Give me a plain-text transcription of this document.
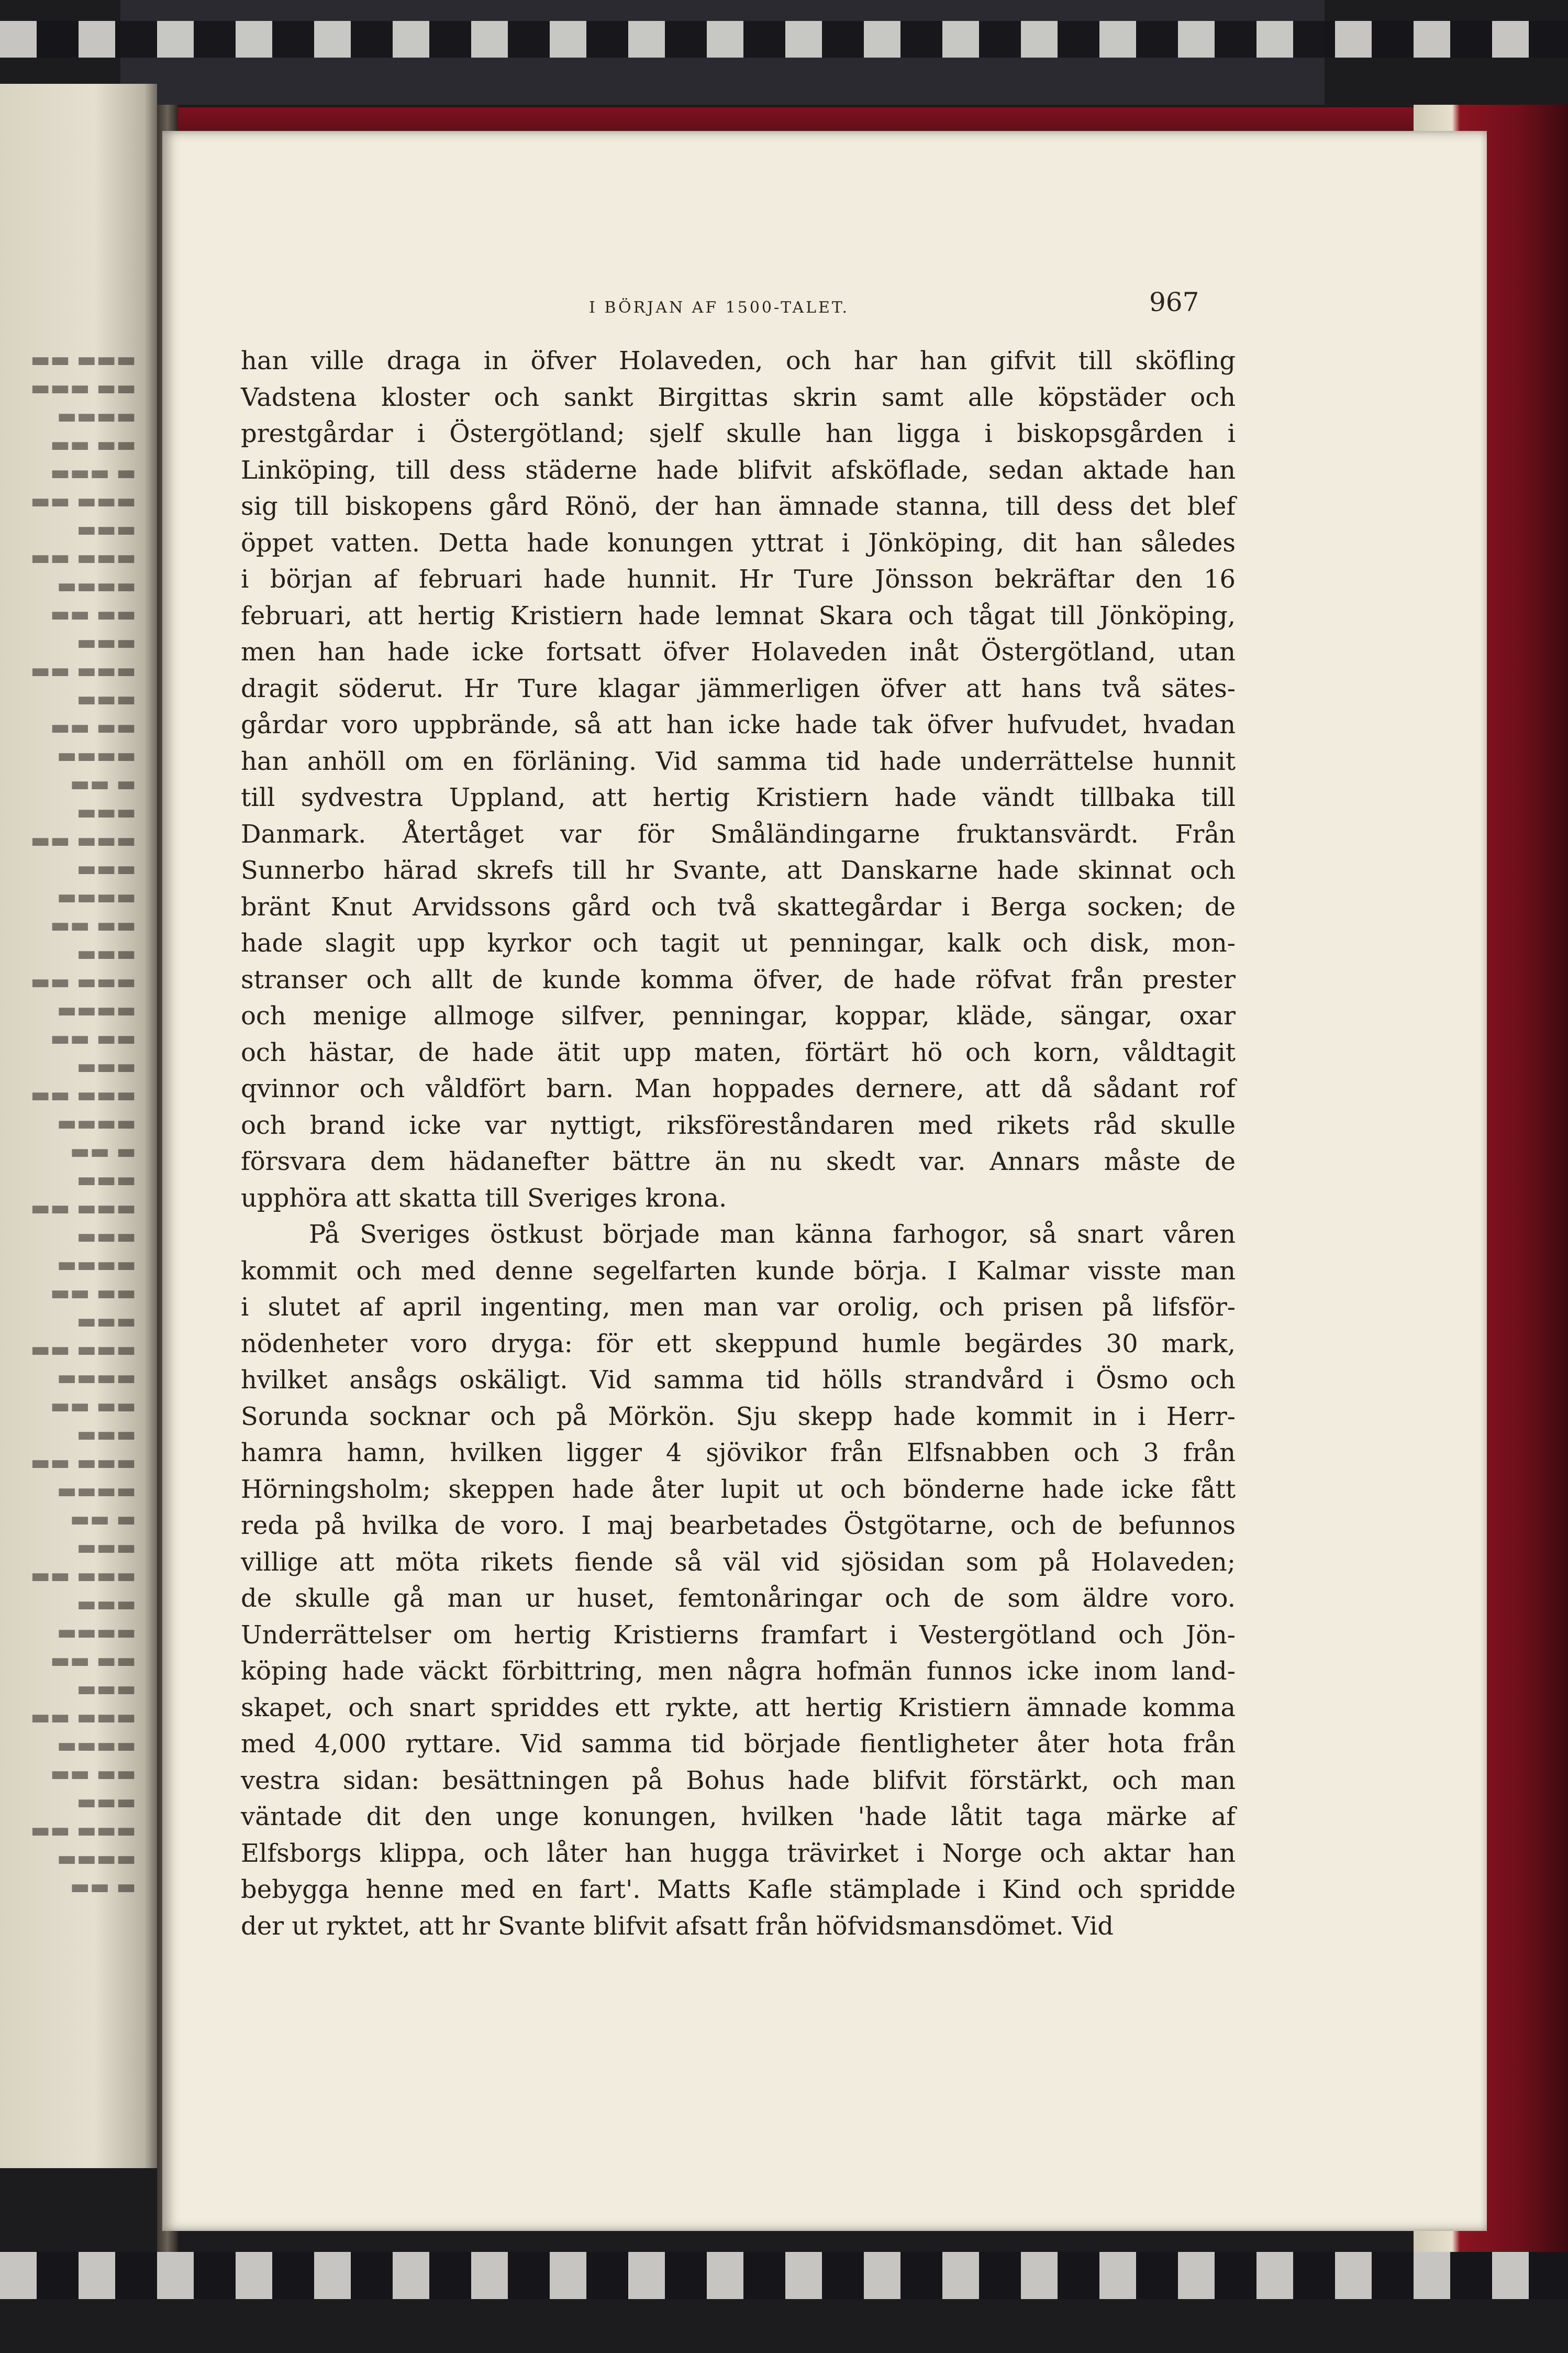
▬▬ ▬▬▬
▬▬▬ ▬▬
▬▬▬▬
▬▬ ▬▬
▬▬▬ ▬
▬▬ ▬▬▬
▬▬▬
▬▬ ▬▬▬
▬▬▬▬
▬▬ ▬▬
▬▬▬
▬▬ ▬▬▬
▬▬▬
▬▬ ▬▬
▬▬▬▬
▬▬ ▬
▬▬▬
▬▬ ▬▬▬
▬▬▬
▬▬▬▬
▬▬ ▬▬
▬▬▬
▬▬ ▬▬▬
▬▬▬▬
▬▬ ▬▬
▬▬▬
▬▬ ▬▬▬
▬▬▬▬
▬▬ ▬
▬▬▬
▬▬ ▬▬▬
▬▬▬
▬▬▬▬
▬▬ ▬▬
▬▬▬
▬▬ ▬▬▬
▬▬▬▬
▬▬ ▬▬
▬▬▬
▬▬ ▬▬▬
▬▬▬▬
▬▬ ▬
▬▬▬
▬▬ ▬▬▬
▬▬▬
▬▬▬▬
▬▬ ▬▬
▬▬▬
▬▬ ▬▬▬
▬▬▬▬
▬▬ ▬▬
▬▬▬
▬▬ ▬▬▬
▬▬▬▬
▬▬ ▬
I BÖRJAN AF 1500-TALET.	967
han ville draga in öfver Holaveden, och har han gifvit till sköfling
Vadstena kloster och sankt Birgittas skrin samt alle köpstäder och
prestgårdar i Östergötland; sjelf skulle han ligga i biskopsgården i
Linköping, till dess städerne hade blifvit afsköflade, sedan aktade han
sig till biskopens gård Rönö, der han ämnade stanna, till dess det blef
öppet vatten. Detta hade konungen yttrat i Jönköping, dit han således
i början af februari hade hunnit. Hr Ture Jönsson bekräftar den 16
februari, att hertig Kristiern hade lemnat Skara och tågat till Jönköping,
men han hade icke fortsatt öfver Holaveden inåt Östergötland, utan
dragit söderut. Hr Ture klagar jämmerligen öfver att hans två sätes-
gårdar voro uppbrände, så att han icke hade tak öfver hufvudet, hvadan
han anhöll om en förläning. Vid samma tid hade underrättelse hunnit
till sydvestra Uppland, att hertig Kristiern hade vändt tillbaka till
Danmark. Återtåget var för Småländingarne fruktansvärdt. Från
Sunnerbo härad skrefs till hr Svante, att Danskarne hade skinnat och
bränt Knut Arvidssons gård och två skattegårdar i Berga socken; de
hade slagit upp kyrkor och tagit ut penningar, kalk och disk, mon-
stranser och allt de kunde komma öfver, de hade röfvat från prester
och menige allmoge silfver, penningar, koppar, kläde, sängar, oxar
och hästar, de hade ätit upp maten, förtärt hö och korn, våldtagit
qvinnor och våldfört barn. Man hoppades dernere, att då sådant rof
och brand icke var nyttigt, riksföreståndaren med rikets råd skulle
försvara dem hädanefter bättre än nu skedt var. Annars måste de
upphöra att skatta till Sveriges krona.
På Sveriges östkust började man känna farhogor, så snart våren
kommit och med denne segelfarten kunde börja. I Kalmar visste man
i slutet af april ingenting, men man var orolig, och prisen på lifsför-
nödenheter voro dryga: för ett skeppund humle begärdes 30 mark,
hvilket ansågs oskäligt. Vid samma tid hölls strandvård i Ösmo och
Sorunda socknar och på Mörkön. Sju skepp hade kommit in i Herr-
hamra hamn, hvilken ligger 4 sjövikor från Elfsnabben och 3 från
Hörningsholm; skeppen hade åter lupit ut och bönderne hade icke fått
reda på hvilka de voro. I maj bearbetades Östgötarne, och de befunnos
villige att möta rikets fiende så väl vid sjösidan som på Holaveden;
de skulle gå man ur huset, femtonåringar och de som äldre voro.
Underrättelser om hertig Kristierns framfart i Vestergötland och Jön-
köping hade väckt förbittring, men några hofmän funnos icke inom land-
skapet, och snart spriddes ett rykte, att hertig Kristiern ämnade komma
med 4,000 ryttare. Vid samma tid började fientligheter åter hota från
vestra sidan: besättningen på Bohus hade blifvit förstärkt, och man
väntade dit den unge konungen, hvilken 'hade låtit taga märke af
Elfsborgs klippa, och låter han hugga trävirket i Norge och aktar han
bebygga henne med en fart'. Matts Kafle stämplade i Kind och spridde
der ut ryktet, att hr Svante blifvit afsatt från höfvidsmansdömet. Vid
